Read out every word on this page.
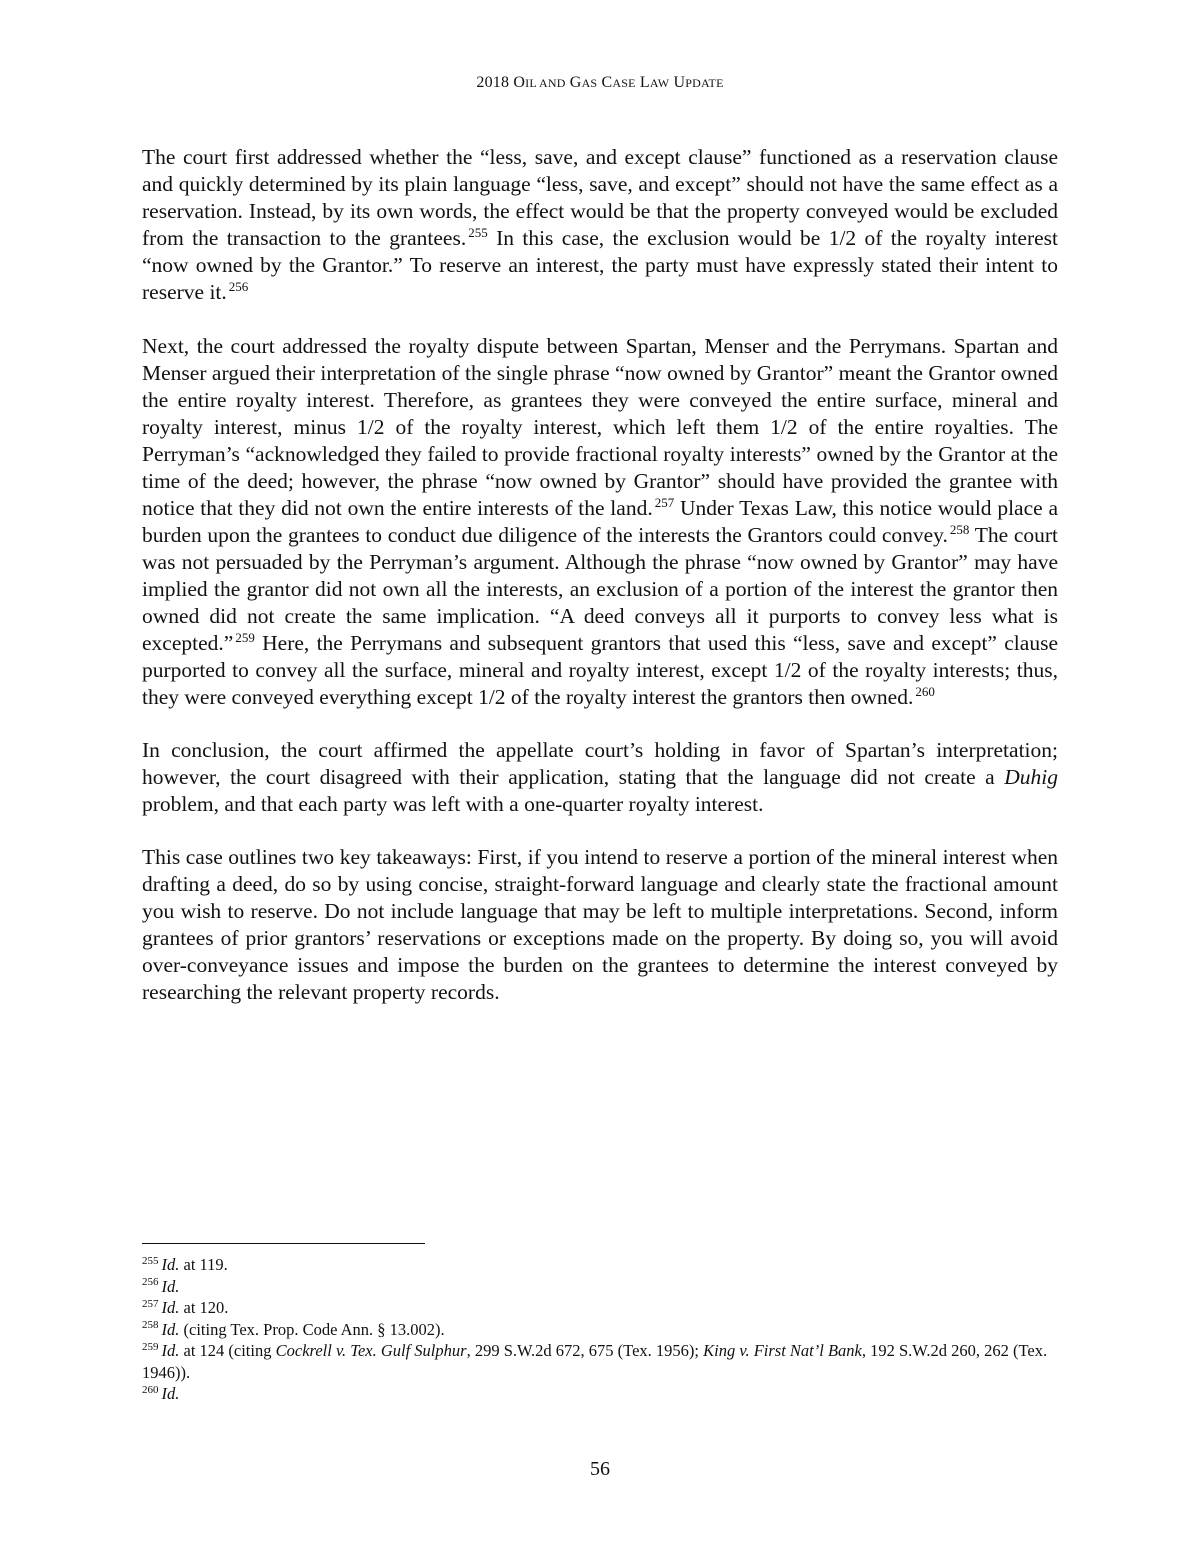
2018 OIL AND GAS CASE LAW UPDATE

The court first addressed whether the “less, save, and except clause” functioned as a reservation clause and quickly determined by its plain language “less, save, and except” should not have the same effect as a reservation. Instead, by its own words, the effect would be that the property conveyed would be excluded from the transaction to the grantees. $^{255}$ In this case, the exclusion would be 1/2 of the royalty interest “now owned by the Grantor.” To reserve an interest, the party must have expressly stated their intent to reserve it. $^{256}$

Next, the court addressed the royalty dispute between Spartan, Menser and the Perrymans. Spartan and Menser argued their interpretation of the single phrase “now owned by Grantor” meant the Grantor owned the entire royalty interest. Therefore, as grantees they were conveyed the entire surface, mineral and royalty interest, minus 1/2 of the royalty interest, which left them 1/2 of the entire royalties. The Perryman’s “acknowledged they failed to provide fractional royalty interests” owned by the Grantor at the time of the deed; however, the phrase “now owned by Grantor” should have provided the grantee with notice that they did not own the entire interests of the land. $^{257}$ Under Texas Law, this notice would place a burden upon the grantees to conduct due diligence of the interests the Grantors could convey. $^{258}$ The court was not persuaded by the Perryman’s argument. Although the phrase “now owned by Grantor” may have implied the grantor did not own all the interests, an exclusion of a portion of the interest the grantor then owned did not create the same implication. “A deed conveys all it purports to convey less what is excepted.” $^{259}$ Here, the Perrymans and subsequent grantors that used this “less, save and except” clause purported to convey all the surface, mineral and royalty interest, except 1/2 of the royalty interests; thus, they were conveyed everything except 1/2 of the royalty interest the grantors then owned. $^{260}$

In conclusion, the court affirmed the appellate court’s holding in favor of Spartan’s interpretation; however, the court disagreed with their application, stating that the language did not create a Duhig problem, and that each party was left with a one-quarter royalty interest.

This case outlines two key takeaways: First, if you intend to reserve a portion of the mineral interest when drafting a deed, do so by using concise, straight-forward language and clearly state the fractional amount you wish to reserve. Do not include language that may be left to multiple interpretations. Second, inform grantees of prior grantors’ reservations or exceptions made on the property. By doing so, you will avoid over-conveyance issues and impose the burden on the grantees to determine the interest conveyed by researching the relevant property records.

$^{255}$ Id. at 119.

$^{256}$ Id.

$^{257}$ Id. at 120.

$^{258}$ Id. (citing Tex. Prop. Code Ann. § 13.002).

$^{259}$ Id. at 124 (citing Cockrell v. Tex. Gulf Sulphur, 299 S.W.2d 672, 675 (Tex. 1956); King v. First Nat’l Bank, 192 S.W.2d 260, 262 (Tex. 1946)).

$^{260}$ Id.

56
